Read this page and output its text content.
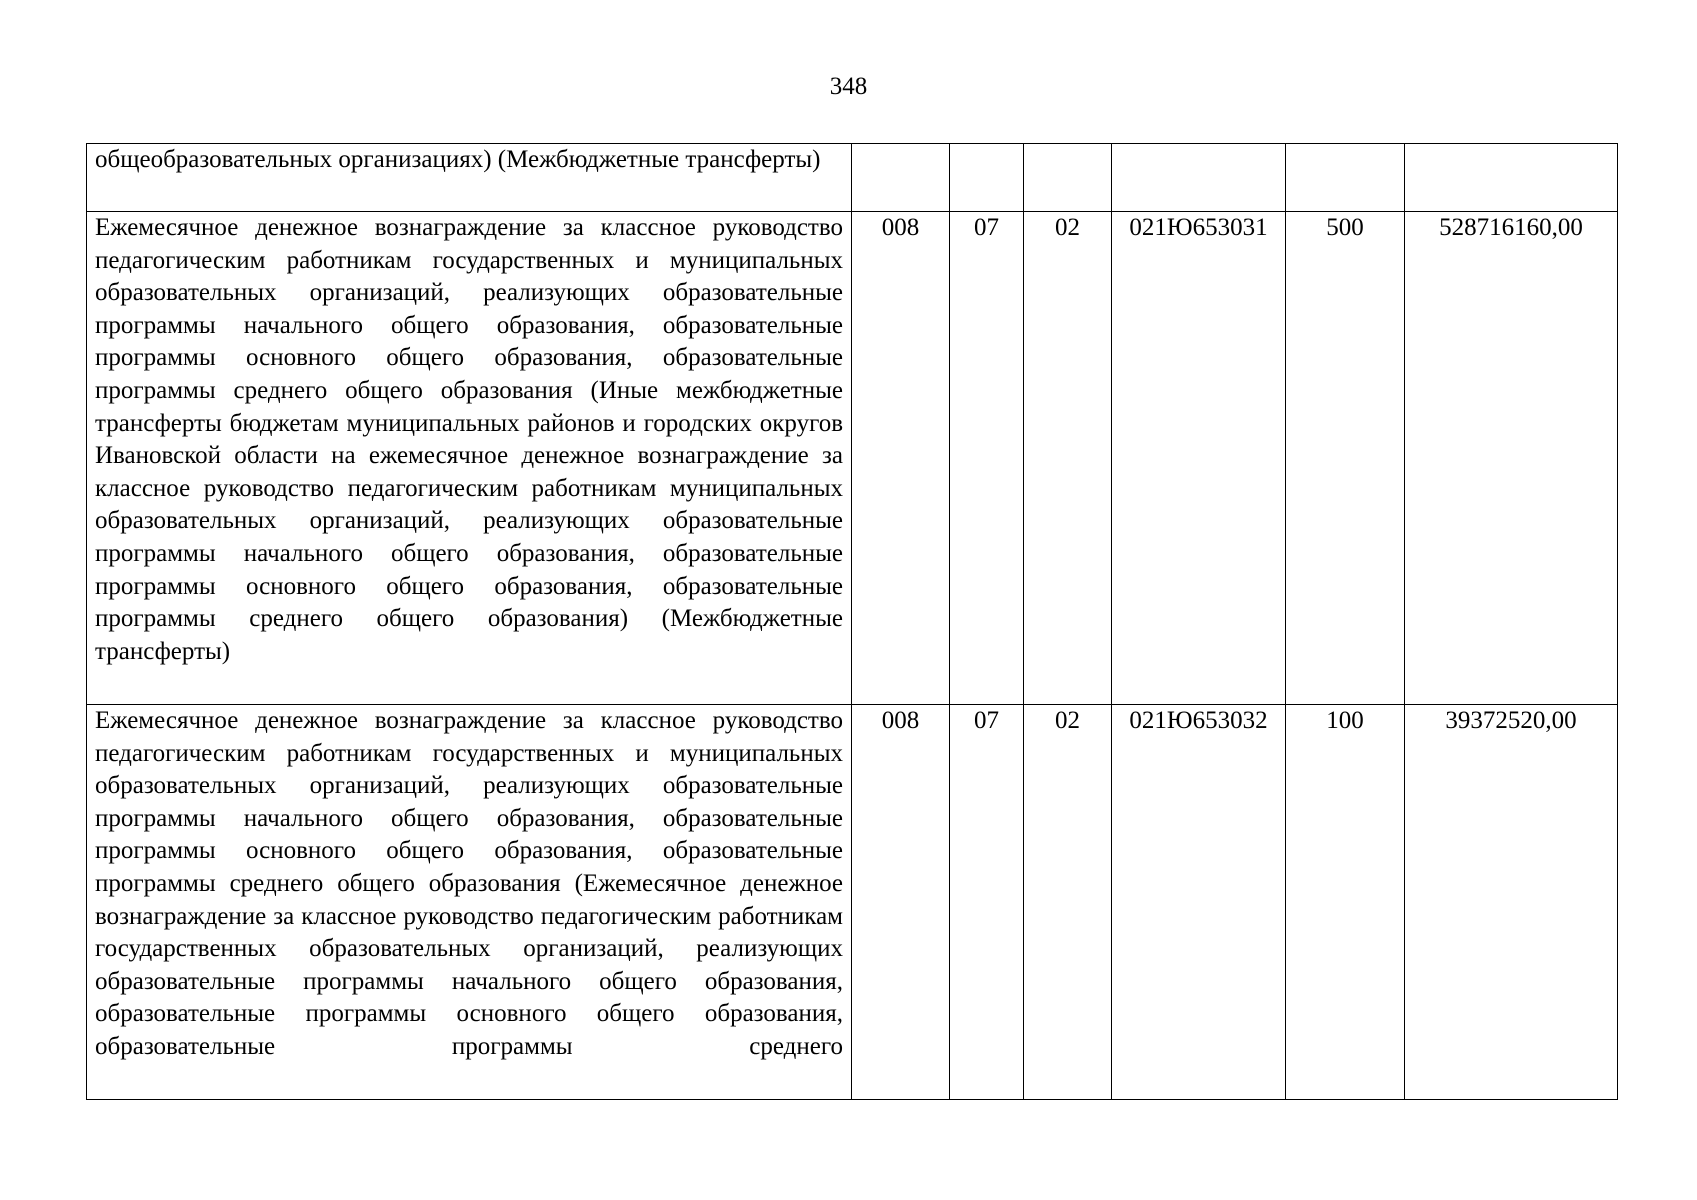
348
общеобразовательных организациях) (Межбюджетные трансферты)						
Ежемесячное денежное вознаграждение за классное руководство педагогическим работникам государственных и муниципальных образовательных организаций, реализующих образовательные программы начального общего образования, образовательные программы основного общего образования, образовательные программы среднего общего образования (Иные межбюджетные трансферты бюджетам муниципальных районов и городских округов Ивановской области на ежемесячное денежное вознаграждение за классное руководство педагогическим работникам муниципальных образовательных организаций, реализующих образовательные программы начального общего образования, образовательные программы основного общего образования, образовательные программы среднего общего образования) (Межбюджетные трансферты)	008	07	02	021Ю653031	500	528716160,00
Ежемесячное денежное вознаграждение за классное руководство педагогическим работникам государственных и муниципальных образовательных организаций, реализующих образовательные программы начального общего образования, образовательные программы основного общего образования, образовательные программы среднего общего образования (Ежемесячное денежное вознаграждение за классное руководство педагогическим работникам государственных образовательных организаций, реализующих образовательные программы начального общего образования, образовательные программы основного общего образования, образовательные программы среднего	008	07	02	021Ю653032	100	39372520,00
